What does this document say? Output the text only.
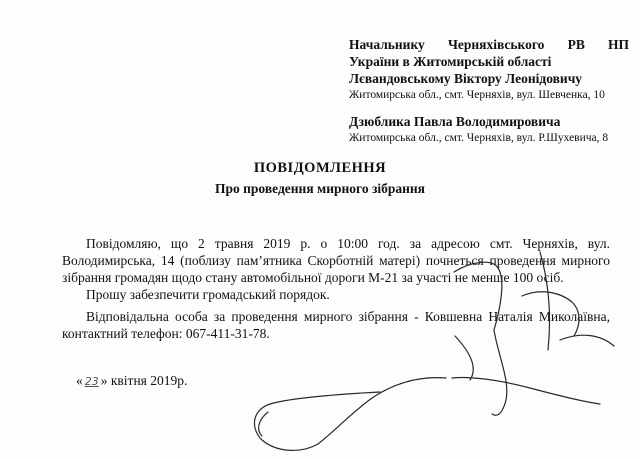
Начальнику Черняхівського РВ НП
України в Житомирській області
Лєвандовському Віктору Леонідовичу
Житомирська обл., смт. Черняхів, вул. Шевченка, 10
Дзюблика Павла Володимировича
Житомирська обл., смт. Черняхів, вул. Р.Шухевича, 8
ПОВІДОМЛЕННЯ
Про проведення мирного зібрання
Повідомляю, що 2 травня 2019 р. о 10:00 год. за адресою смт. Черняхів, вул. Володимирська, 14 (поблизу пам’ятника Скорботній матері) почнеться проведення мирного зібрання громадян щодо стану автомобільної дороги М-21 за участі не менше 100 осіб.
Прошу забезпечити громадський порядок.
Відповідальна особа за проведення мирного зібрання - Ковшевна Наталія Миколаївна, контактний телефон: 067-411-31-78.
« 23 » квітня 2019р.
